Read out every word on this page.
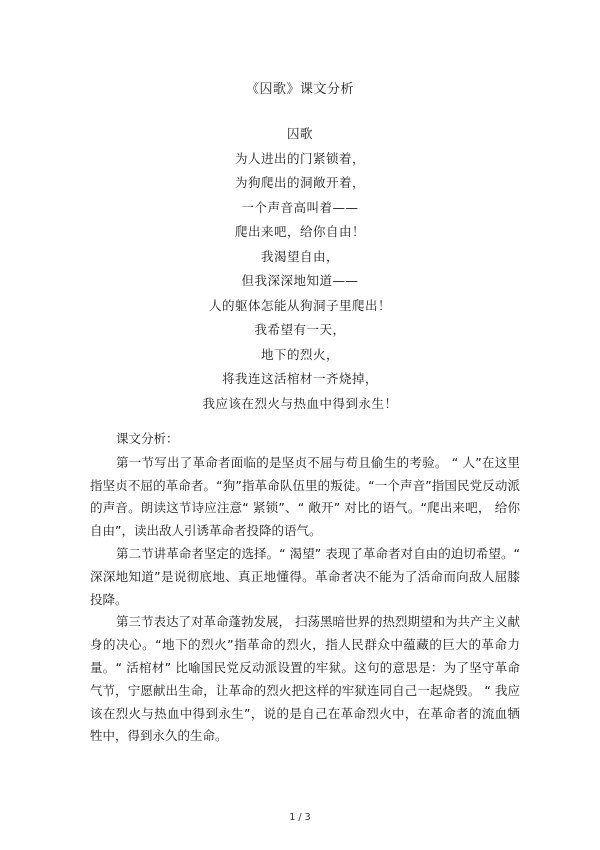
《囚歌》课文分析
囚歌
为人进出的门紧锁着，
为狗爬出的洞敞开着，
一个声音高叫着——
爬出来吧，给你自由！
我渴望自由，
但我深深地知道——
人的躯体怎能从狗洞子里爬出！
我希望有一天，
地下的烈火，
将我连这活棺材一齐烧掉，
我应该在烈火与热血中得到永生！
课文分析：

第一节写出了革命者面临的是坚贞不屈与苟且偷生的考验。 “ 人”在这里指坚贞不屈的革命者。“狗”指革命队伍里的叛徒。“一个声音”指国民党反动派的声音。朗读这节诗应注意“ 紧锁”、“ 敞开” 对比的语气。“爬出来吧， 给你自由”，读出敌人引诱革命者投降的语气。

第二节讲革命者坚定的选择。“ 渴望” 表现了革命者对自由的迫切希望。“ 深深地知道”是说彻底地、真正地懂得。革命者决不能为了活命而向敌人屈膝投降。

第三节表达了对革命蓬勃发展， 扫荡黑暗世界的热烈期望和为共产主义献身的决心。“地下的烈火”指革命的烈火，指人民群众中蕴藏的巨大的革命力量。“ 活棺材” 比喻国民党反动派设置的牢狱。这句的意思是：为了坚守革命气节，宁愿献出生命，让革命的烈火把这样的牢狱连同自己一起烧毁。 “ 我应该在烈火与热血中得到永生”，说的是自己在革命烈火中，在革命者的流血牺牲中，得到永久的生命。

1 / 3
